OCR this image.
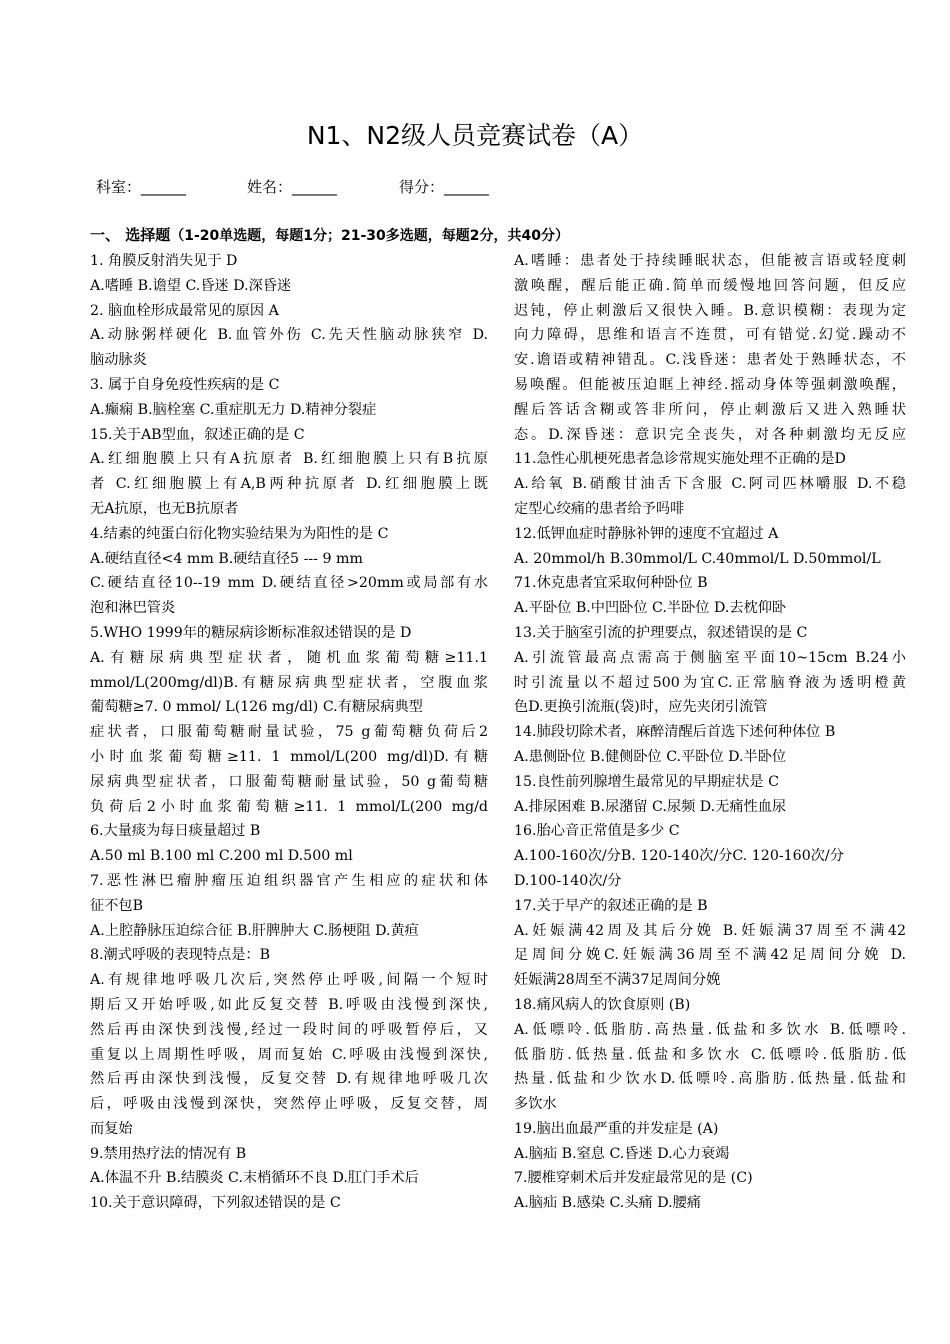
N1、N2级人员竞赛试卷（A）
科室：______	姓名：______	得分：______
一、 选择题（1-20单选题，每题1分；21-30多选题，每题2分，共40分）
1. 角膜反射消失见于 D
A.嗜睡 B.谵望 C.昏迷 D.深昏迷
2. 脑血栓形成最常见的原因 A
A.动脉粥样硬化 B.血管外伤 C.先天性脑动脉狭窄 D.
脑动脉炎
3. 属于自身免疫性疾病的是 C
A.癫痫 B.脑栓塞 C.重症肌无力 D.精神分裂症
15.关于AB型血，叙述正确的是 C
A.红细胞膜上只有A抗原者 B.红细胞膜上只有B抗原
者 C.红细胞膜上有A,B两种抗原者 D.红细胞膜上既
无A抗原，也无B抗原者
4.结素的纯蛋白衍化物实验结果为为阳性的是 C
A.硬结直径<4 mm B.硬结直径5 --- 9 mm
C.硬结直径10--19 mm D.硬结直径>20mm或局部有水
泡和淋巴管炎
5.WHO 1999年的糖尿病诊断标准叙述错误的是 D
A.有糖尿病典型症状者，随机血浆葡萄糖≥11.1
mmol/L(200mg/dl)B.有糖尿病典型症状者，空腹血浆
葡萄糖≥7. 0 mmol/ L(126 mg/dl) C.有糖尿病典型
症状者，口服葡萄糖耐量试验，75 g葡萄糖负荷后2
小时血浆葡萄糖≥11. 1 mmol/L(200 mg/dl)D.有糖
尿病典型症状者，口服葡萄糖耐量试验，50 g葡萄糖
负荷后2小时血浆葡萄糖≥11. 1 mmol/L(200 mg/d
6.大量痰为每日痰量超过 B
A.50 ml B.100 ml C.200 ml D.500 ml
7.恶性淋巴瘤肿瘤压迫组织器官产生相应的症状和体
征不包B
A.上腔静脉压迫综合征 B.肝脾肿大 C.肠梗阻 D.黄疸
8.潮式呼吸的表现特点是：B
A.有规律地呼吸几次后,突然停止呼吸,间隔一个短时
期后又开始呼吸,如此反复交替 B.呼吸由浅慢到深快,
然后再由深快到浅慢,经过一段时间的呼吸暂停后，又
重复以上周期性呼吸，周而复始 C.呼吸由浅慢到深快,
然后再由深快到浅慢，反复交替 D.有规律地呼吸几次
后，呼吸由浅慢到深快，突然停止呼吸，反复交替，周
而复始
9.禁用热疗法的情况有 B
A.体温不升 B.结膜炎 C.末梢循环不良 D.肛门手术后
10.关于意识障碍，下列叙述错误的是 C
A.嗜睡：患者处于持续睡眠状态，但能被言语或轻度刺
激唤醒，醒后能正确.简单而缓慢地回答问题，但反应
迟钝，停止刺激后又很快入睡。B.意识模糊：表现为定
向力障碍，思维和语言不连贯，可有错觉.幻觉.躁动不
安.谵语或精神错乱。C.浅昏迷：患者处于熟睡状态，不
易唤醒。但能被压迫眶上神经.摇动身体等强刺激唤醒，
醒后答话含糊或答非所问，停止刺激后又进入熟睡状
态。D.深昏迷：意识完全丧失，对各种刺激均无反应
11.急性心肌梗死患者急诊常规实施处理不正确的是D
A.给氧 B.硝酸甘油舌下含服 C.阿司匹林嚼服 D.不稳
定型心绞痛的患者给予吗啡
12.低钾血症时静脉补钾的速度不宜超过 A
A. 20mmol/h B.30mmol/L C.40mmol/L D.50mmol/L
71.休克患者宜采取何种卧位 B
A.平卧位 B.中凹卧位 C.半卧位 D.去枕仰卧
13.关于脑室引流的护理要点，叙述错误的是 C
A.引流管最高点需高于侧脑室平面10~15cm B.24小
时引流量以不超过500为宜C.正常脑脊液为透明橙黄
色D.更换引流瓶(袋)时，应先夹闭引流管
14.肺段切除术者，麻醉清醒后首选下述何种体位 B
A.患侧卧位 B.健侧卧位 C.平卧位 D.半卧位
15.良性前列腺增生最常见的早期症状是 C
A.排尿困难 B.尿潴留 C.尿频 D.无痛性血尿
16.胎心音正常值是多少 C
A.100-160次/分B. 120-140次/分C. 120-160次/分
D.100-140次/分
17.关于早产的叙述正确的是 B
A.妊娠满42周及其后分娩 B.妊娠满37周至不满42
足周间分娩C.妊娠满36周至不满42足周间分娩 D.
妊娠满28周至不满37足周间分娩
18.痛风病人的饮食原则 (B)
A.低嘌呤.低脂肪.高热量.低盐和多饮水 B.低嘌呤.
低脂肪.低热量.低盐和多饮水 C.低嘌呤.低脂肪.低
热量.低盐和少饮水D.低嘌呤.高脂肪.低热量.低盐和
多饮水
19.脑出血最严重的并发症是 (A)
A.脑疝 B.窒息 C.昏迷 D.心力衰竭
7.腰椎穿刺术后并发症最常见的是 (C)
A.脑疝 B.感染 C.头痛 D.腰痛
